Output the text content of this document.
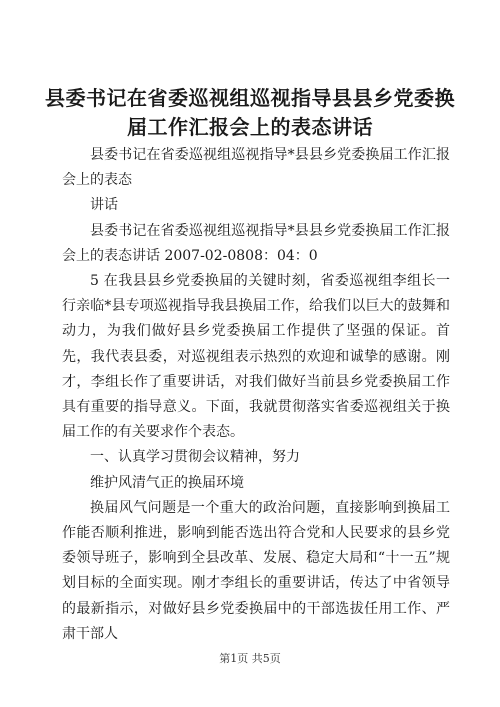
县委书记在省委巡视组巡视指导县县乡党委换
届工作汇报会上的表态讲话

县委书记在省委巡视组巡视指导*县县乡党委换届工作汇报会上的表态

讲话

县委书记在省委巡视组巡视指导*县县乡党委换届工作汇报会上的表态讲话 2007-02-0808：04：0

5 在我县县乡党委换届的关键时刻，省委巡视组李组长一行亲临*县专项巡视指导我县换届工作，给我们以巨大的鼓舞和动力，为我们做好县乡党委换届工作提供了坚强的保证。首先，我代表县委，对巡视组表示热烈的欢迎和诚挚的感谢。刚才，李组长作了重要讲话，对我们做好当前县乡党委换届工作具有重要的指导意义。下面，我就贯彻落实省委巡视组关于换届工作的有关要求作个表态。

一、认真学习贯彻会议精神，努力

维护风清气正的换届环境

换届风气问题是一个重大的政治问题，直接影响到换届工作能否顺利推进，影响到能否选出符合党和人民要求的县乡党委领导班子，影响到全县改革、发展、稳定大局和“十一五”规划目标的全面实现。刚才李组长的重要讲话，传达了中省领导的最新指示，对做好县乡党委换届中的干部选拔任用工作、严肃干部人

第1页 共5页
